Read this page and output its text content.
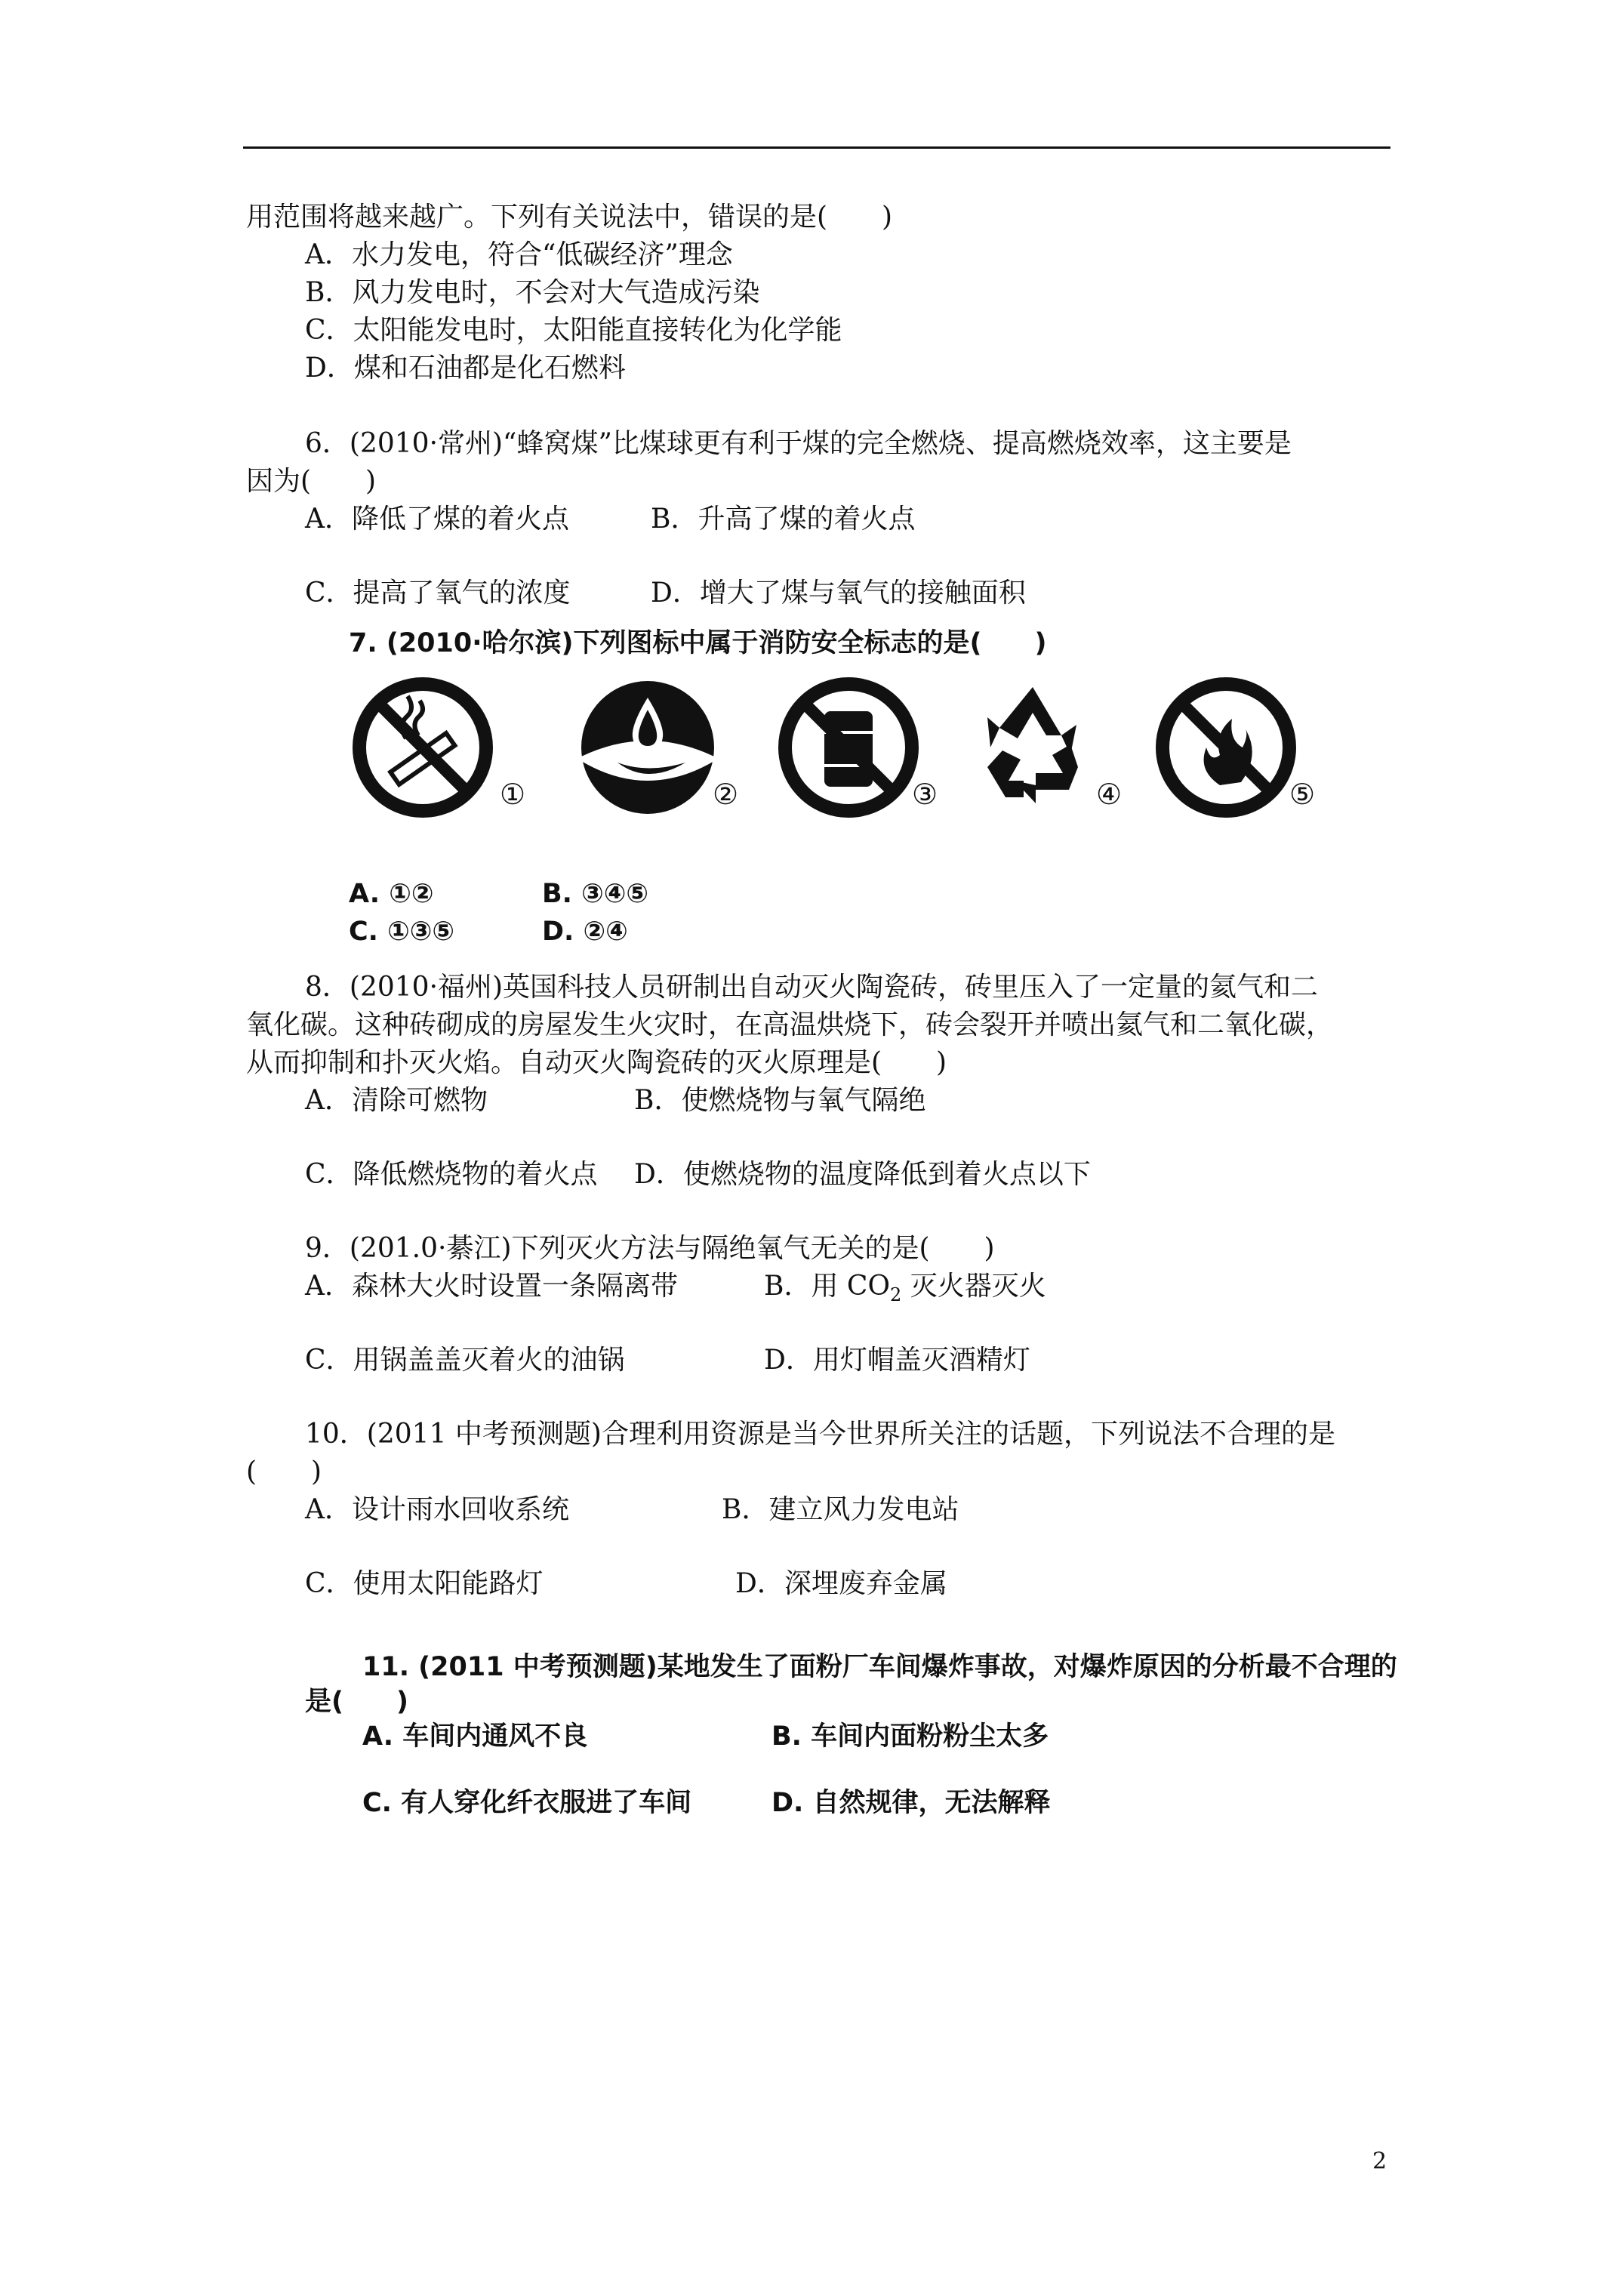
用范围将越来越广。下列有关说法中，错误的是(　　)
A．水力发电，符合“低碳经济”理念
B．风力发电时，不会对大气造成污染
C．太阳能发电时，太阳能直接转化为化学能
D．煤和石油都是化石燃料
6．(2010·常州)“蜂窝煤”比煤球更有利于煤的完全燃烧、提高燃烧效率，这主要是
因为(　　)
A．降低了煤的着火点	B．升高了煤的着火点
C．提高了氧气的浓度	D．增大了煤与氧气的接触面积
7. (2010·哈尔滨)下列图标中属于消防安全标志的是(　　)
①	②	③	④	⑤
A. ①②	B. ③④⑤
C. ①③⑤	D. ②④
8．(2010·福州)英国科技人员研制出自动灭火陶瓷砖，砖里压入了一定量的氦气和二
氧化碳。这种砖砌成的房屋发生火灾时，在高温烘烧下，砖会裂开并喷出氦气和二氧化碳，
从而抑制和扑灭火焰。自动灭火陶瓷砖的灭火原理是(　　)
A．清除可燃物	B．使燃烧物与氧气隔绝
C．降低燃烧物的着火点 D．使燃烧物的温度降低到着火点以下
9．(201.0·綦江)下列灭火方法与隔绝氧气无关的是(　　)
A．森林大火时设置一条隔离带	B．用 $CO_2$ 灭火器灭火
C．用锅盖盖灭着火的油锅	D．用灯帽盖灭酒精灯
10．(2011 中考预测题)合理利用资源是当今世界所关注的话题，下列说法不合理的是
(　　)
A．设计雨水回收系统	B．建立风力发电站
C．使用太阳能路灯	D．深埋废弃金属
11. (2011 中考预测题)某地发生了面粉厂车间爆炸事故，对爆炸原因的分析最不合理的
是(　　)
A. 车间内通风不良	B. 车间内面粉粉尘太多
C. 有人穿化纤衣服进了车间	D. 自然规律，无法解释
2
